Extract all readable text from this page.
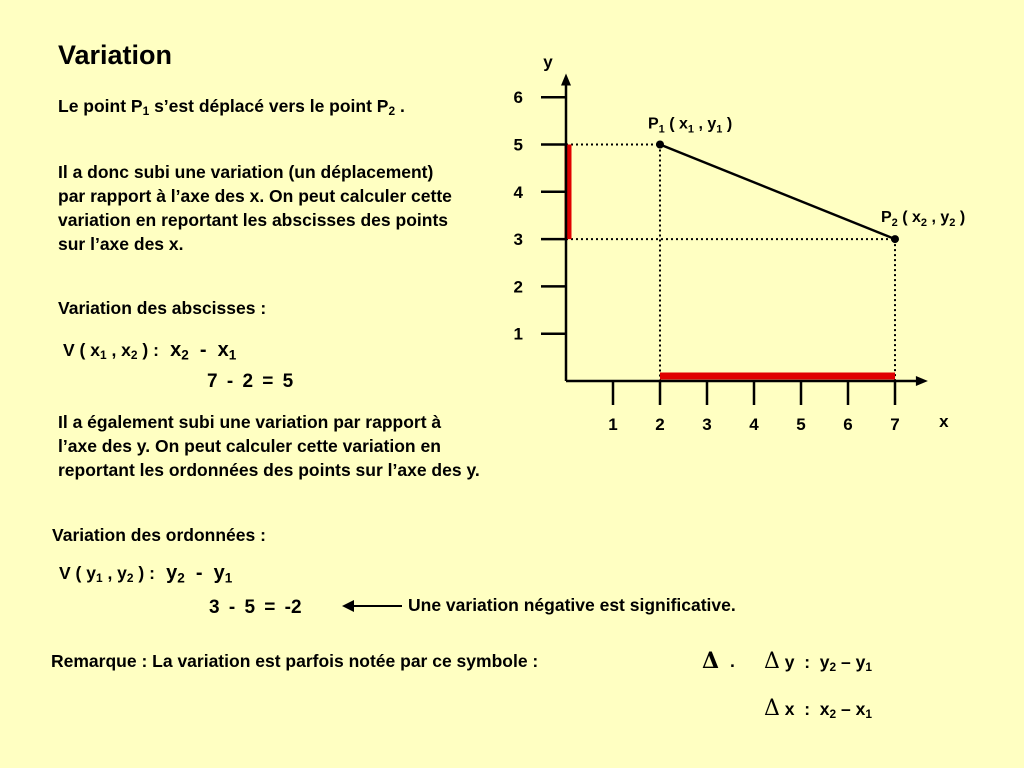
Variation
Le point $P_1$ s’est déplacé vers le point $P_2$ .
Il a donc subi une variation (un déplacement) par rapport à l’axe des x. On peut calculer cette variation en reportant les abscisses des points sur l’axe des x.
Variation des abscisses :
V ( $x_1$ , $x_2$ ) : $x_2 - x_1$
7 - 2 = 5
Il a également subi une variation par rapport à l’axe des y. On peut calculer cette variation en reportant les ordonnées des points sur l’axe des y.
Variation des ordonnées :
V ( $y_1$ , $y_2$ ) : $y_2 - y_1$
3 - 5 = -2	Une variation négative est significative.
Remarque : La variation est parfois notée par ce symbole :	Δ . Δ y : $y_2 - y_1$
Δ x : $x_2 - x_1$
1 2 3 4 5 6 7
1
2
3
4
5
6
x
y
P1 ( x1 , y1 )
P2 ( x2 , y2 )
